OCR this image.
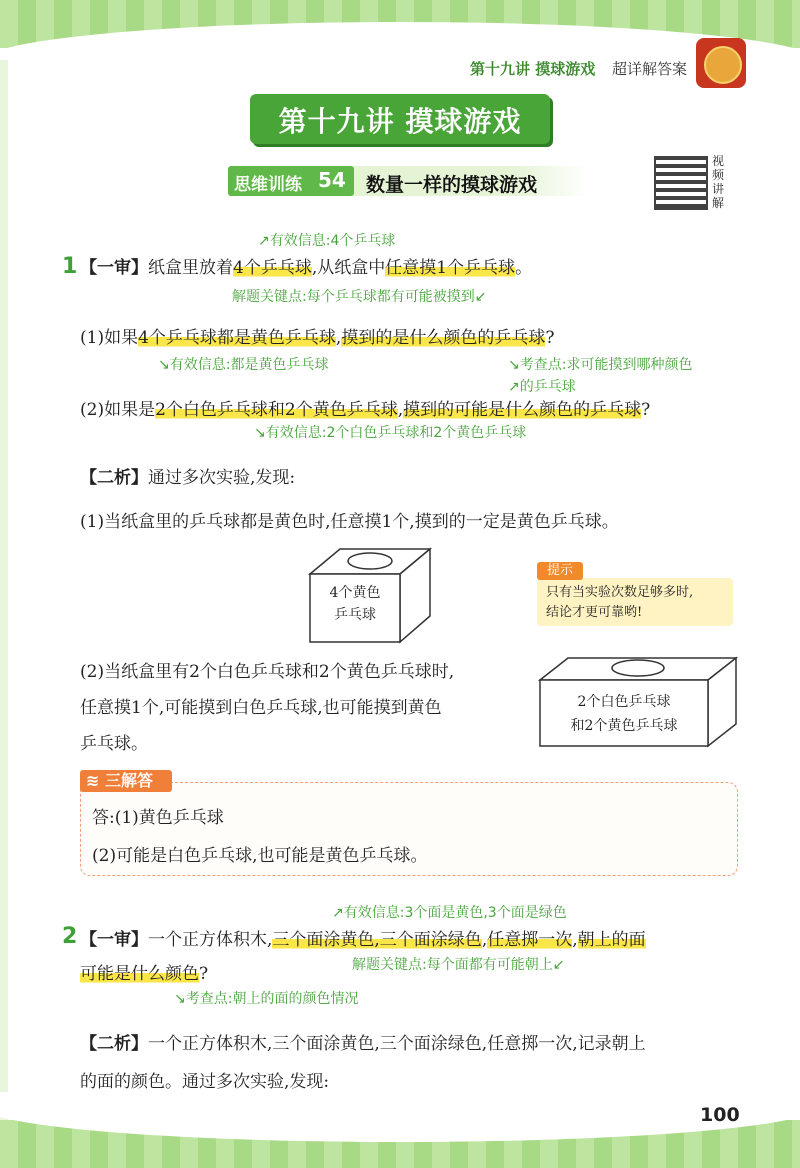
第十九讲 摸球游戏 超详解答案
第十九讲 摸球游戏
思维训练 54 数量一样的摸球游戏
视频讲解
↗有效信息:4个乒乓球
1 【一审】纸盒里放着4个乒乓球,从纸盒中任意摸1个乒乓球。
解题关键点:每个乒乓球都有可能被摸到↙
(1)如果4个乒乓球都是黄色乒乓球,摸到的是什么颜色的乒乓球?
↘有效信息:都是黄色乒乓球	↘考查点:求可能摸到哪种颜色
↗的乒乓球
(2)如果是2个白色乒乓球和2个黄色乒乓球,摸到的可能是什么颜色的乒乓球?
↘有效信息:2个白色乒乓球和2个黄色乒乓球
【二析】通过多次实验,发现:
(1)当纸盒里的乒乓球都是黄色时,任意摸1个,摸到的一定是黄色乒乓球。
4个黄色
乒乓球
提示
只有当实验次数足够多时,
结论才更可靠哟!
(2)当纸盒里有2个白色乒乓球和2个黄色乒乓球时,
任意摸1个,可能摸到白色乒乓球,也可能摸到黄色
乒乓球。
2个白色乒乓球
和2个黄色乒乓球
≋ 三解答
答:(1)黄色乒乓球
(2)可能是白色乒乓球,也可能是黄色乒乓球。
↗有效信息:3个面是黄色,3个面是绿色
2 【一审】一个正方体积木,三个面涂黄色,三个面涂绿色,任意掷一次,朝上的面
可能是什么颜色?	解题关键点:每个面都有可能朝上↙
↘考查点:朝上的面的颜色情况
【二析】一个正方体积木,三个面涂黄色,三个面涂绿色,任意掷一次,记录朝上
的面的颜色。通过多次实验,发现:
100
